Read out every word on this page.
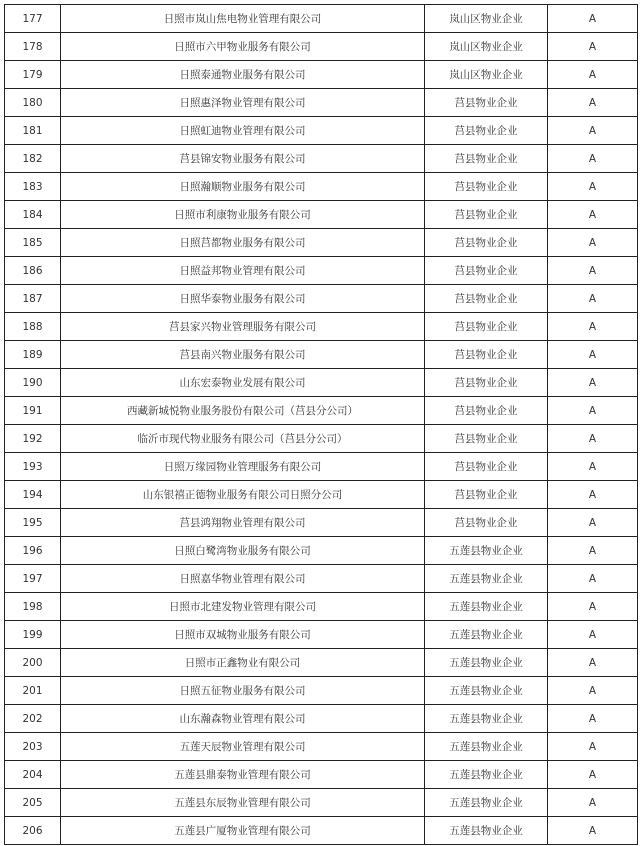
177	日照市岚山焦电物业管理有限公司	岚山区物业企业	A
178	日照市六甲物业服务有限公司	岚山区物业企业	A
179	日照泰通物业服务有限公司	岚山区物业企业	A
180	日照惠泽物业管理有限公司	莒县物业企业	A
181	日照虹迪物业管理有限公司	莒县物业企业	A
182	莒县锦安物业服务有限公司	莒县物业企业	A
183	日照瀚顺物业服务有限公司	莒县物业企业	A
184	日照市利康物业服务有限公司	莒县物业企业	A
185	日照莒都物业服务有限公司	莒县物业企业	A
186	日照益邦物业管理有限公司	莒县物业企业	A
187	日照华泰物业服务有限公司	莒县物业企业	A
188	莒县家兴物业管理服务有限公司	莒县物业企业	A
189	莒县南兴物业服务有限公司	莒县物业企业	A
190	山东宏泰物业发展有限公司	莒县物业企业	A
191	西藏新城悦物业服务股份有限公司（莒县分公司）	莒县物业企业	A
192	临沂市现代物业服务有限公司（莒县分公司）	莒县物业企业	A
193	日照万缘园物业管理服务有限公司	莒县物业企业	A
194	山东银禧正德物业服务有限公司日照分公司	莒县物业企业	A
195	莒县鸿翔物业管理有限公司	莒县物业企业	A
196	日照白鹭湾物业服务有限公司	五莲县物业企业	A
197	日照嘉华物业管理有限公司	五莲县物业企业	A
198	日照市北建发物业管理有限公司	五莲县物业企业	A
199	日照市双城物业服务有限公司	五莲县物业企业	A
200	日照市正鑫物业有限公司	五莲县物业企业	A
201	日照五征物业服务有限公司	五莲县物业企业	A
202	山东瀚森物业管理有限公司	五莲县物业企业	A
203	五莲天辰物业管理有限公司	五莲县物业企业	A
204	五莲县鼎泰物业管理有限公司	五莲县物业企业	A
205	五莲县东辰物业管理有限公司	五莲县物业企业	A
206	五莲县广厦物业管理有限公司	五莲县物业企业	A
